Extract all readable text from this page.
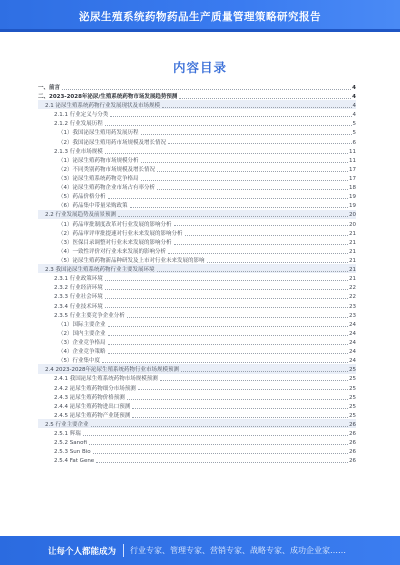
泌尿生殖系统药物药品生产质量管理策略研究报告
内容目录
一、前言	4
二、2023-2028年泌尿/生殖系统药物市场发展趋势预测	4
2.1 泌尿生殖系统药物行业发展现状及市场规模	4
2.1.1 行业定义与分类	4
2.1.2 行业发展历程	5
（1）我国泌尿生殖用药发展历程	5
（2）我国泌尿生殖用药市场规模及增长情况	6
2.1.3 行业市场规模	11
（1）泌尿生殖药物市场规模分析	11
（2）不同类别药物市场规模及增长情况	17
（3）泌尿生殖系统药物竞争格局	17
（4）泌尿生殖药物企业市场占有率分析	18
（5）药品价格分析	19
（6）药品集中带量采购政策	19
2.2 行业发展趋势及前景预测	20
（1）药品审批制度改革对行业发展的影响分析	20
（2）药品审评审批提速对行业未来发展的影响分析	21
（3）医保目录调整对行业未来发展的影响分析	21
（4）一致性评价对行业未来发展的影响分析	21
（5）泌尿生殖药物新品种研发及上市对行业未来发展的影响	21
2.3 我国泌尿生殖系统药物行业主要发展环境	21
2.3.1 行业政策环境	21
2.3.2 行业经济环境	22
2.3.3 行业社会环境	22
2.3.4 行业技术环境	23
2.3.5 行业主要竞争企业分析	23
（1）国际主要企业	24
（2）国内主要企业	24
（3）企业竞争格局	24
（4）企业竞争策略	24
（5）行业集中度	24
2.4 2023-2028年泌尿生殖系统药物行业市场规模预测	25
2.4.1 我国泌尿生殖系统药物市场规模预测	25
2.4.2 泌尿生殖药物细分市场预测	25
2.4.3 泌尿生殖药物价格预测	25
2.4.4 泌尿生殖药物进出口预测	25
2.4.5 泌尿生殖药物产业链预测	25
2.5 行业主要企业	26
2.5.1 辉瑞	26
2.5.2 Sanofi	26
2.5.3 Sun Bio	26
2.5.4 Fat Gene	26
让每个人都能成为 行业专家、管理专家、营销专家、战略专家、成功企业家……
